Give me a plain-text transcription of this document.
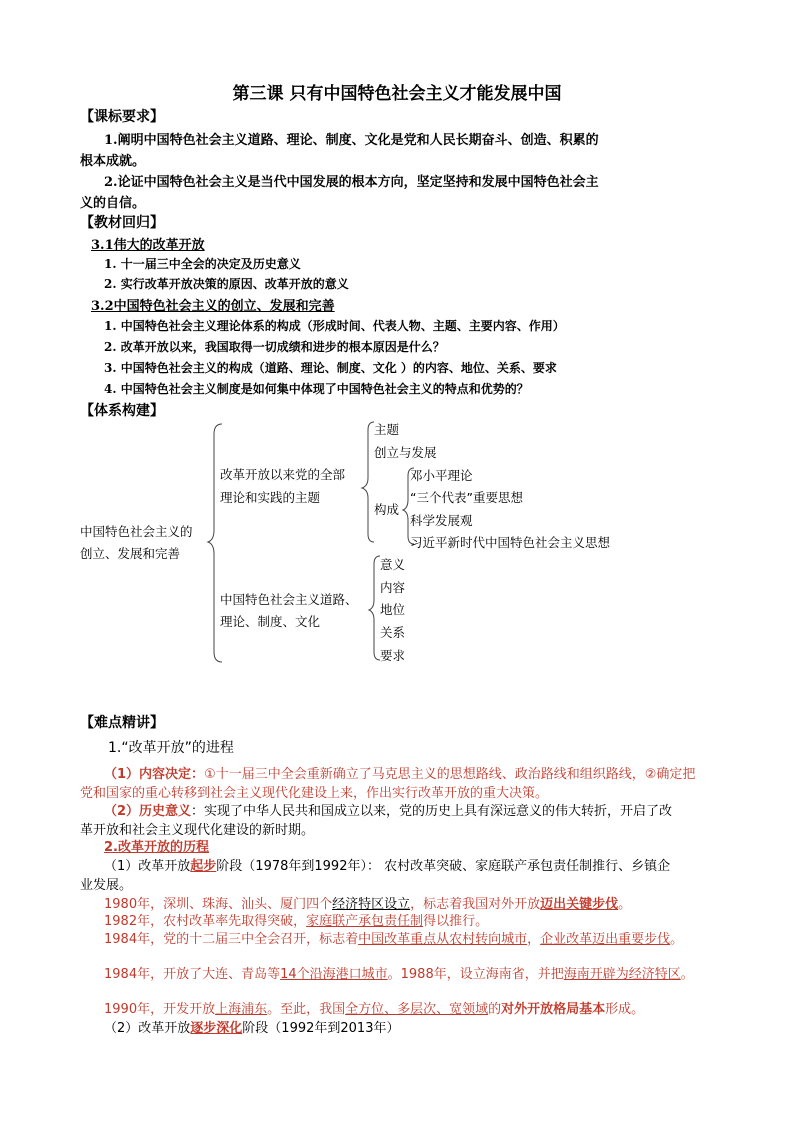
第三课 只有中国特色社会主义才能发展中国
【课标要求】
1.阐明中国特色社会主义道路、理论、制度、文化是党和人民长期奋斗、创造、积累的
根本成就。
2.论证中国特色社会主义是当代中国发展的根本方向，坚定坚持和发展中国特色社会主
义的自信。
【教材回归】
3.1伟大的改革开放
1. 十一届三中全会的决定及历史意义
2. 实行改革开放决策的原因、改革开放的意义
3.2中国特色社会主义的创立、发展和完善
1. 中国特色社会主义理论体系的构成（形成时间、代表人物、主题、主要内容、作用）
2. 改革开放以来，我国取得一切成绩和进步的根本原因是什么？
3. 中国特色社会主义的构成（道路、理论、制度、文化 ）的内容、地位、关系、要求
4. 中国特色社会主义制度是如何集中体现了中国特色社会主义的特点和优势的？
【体系构建】
中国特色社会主义的
创立、发展和完善
改革开放以来党的全部
理论和实践的主题
主题
创立与发展
构成
邓小平理论
“三个代表”重要思想
科学发展观
习近平新时代中国特色社会主义思想
中国特色社会主义道路、
理论、制度、文化
意义
内容
地位
关系
要求
【难点精讲】
1.“改革开放”的进程
（1）内容决定：①十一届三中全会重新确立了马克思主义的思想路线、政治路线和组织路线，②确定把
党和国家的重心转移到社会主义现代化建设上来，作出实行改革开放的重大决策。
（2）历史意义：实现了中华人民共和国成立以来，党的历史上具有深远意义的伟大转折，开启了改
革开放和社会主义现代化建设的新时期。
2.改革开放的历程
（1）改革开放起步阶段（1978年到1992年）： 农村改革突破、家庭联产承包责任制推行、乡镇企
业发展。
1980年，深圳、珠海、汕头、厦门四个经济特区设立，标志着我国对外开放迈出关键步伐。
1982年，农村改革率先取得突破，家庭联产承包责任制得以推行。
1984年，党的十二届三中全会召开，标志着中国改革重点从农村转向城市，企业改革迈出重要步伐。
1984年，开放了大连、青岛等14个沿海港口城市。1988年，设立海南省，并把海南开辟为经济特区。
1990年，开发开放上海浦东。至此，我国全方位、多层次、宽领域的对外开放格局基本形成。
（2）改革开放逐步深化阶段（1992年到2013年）
